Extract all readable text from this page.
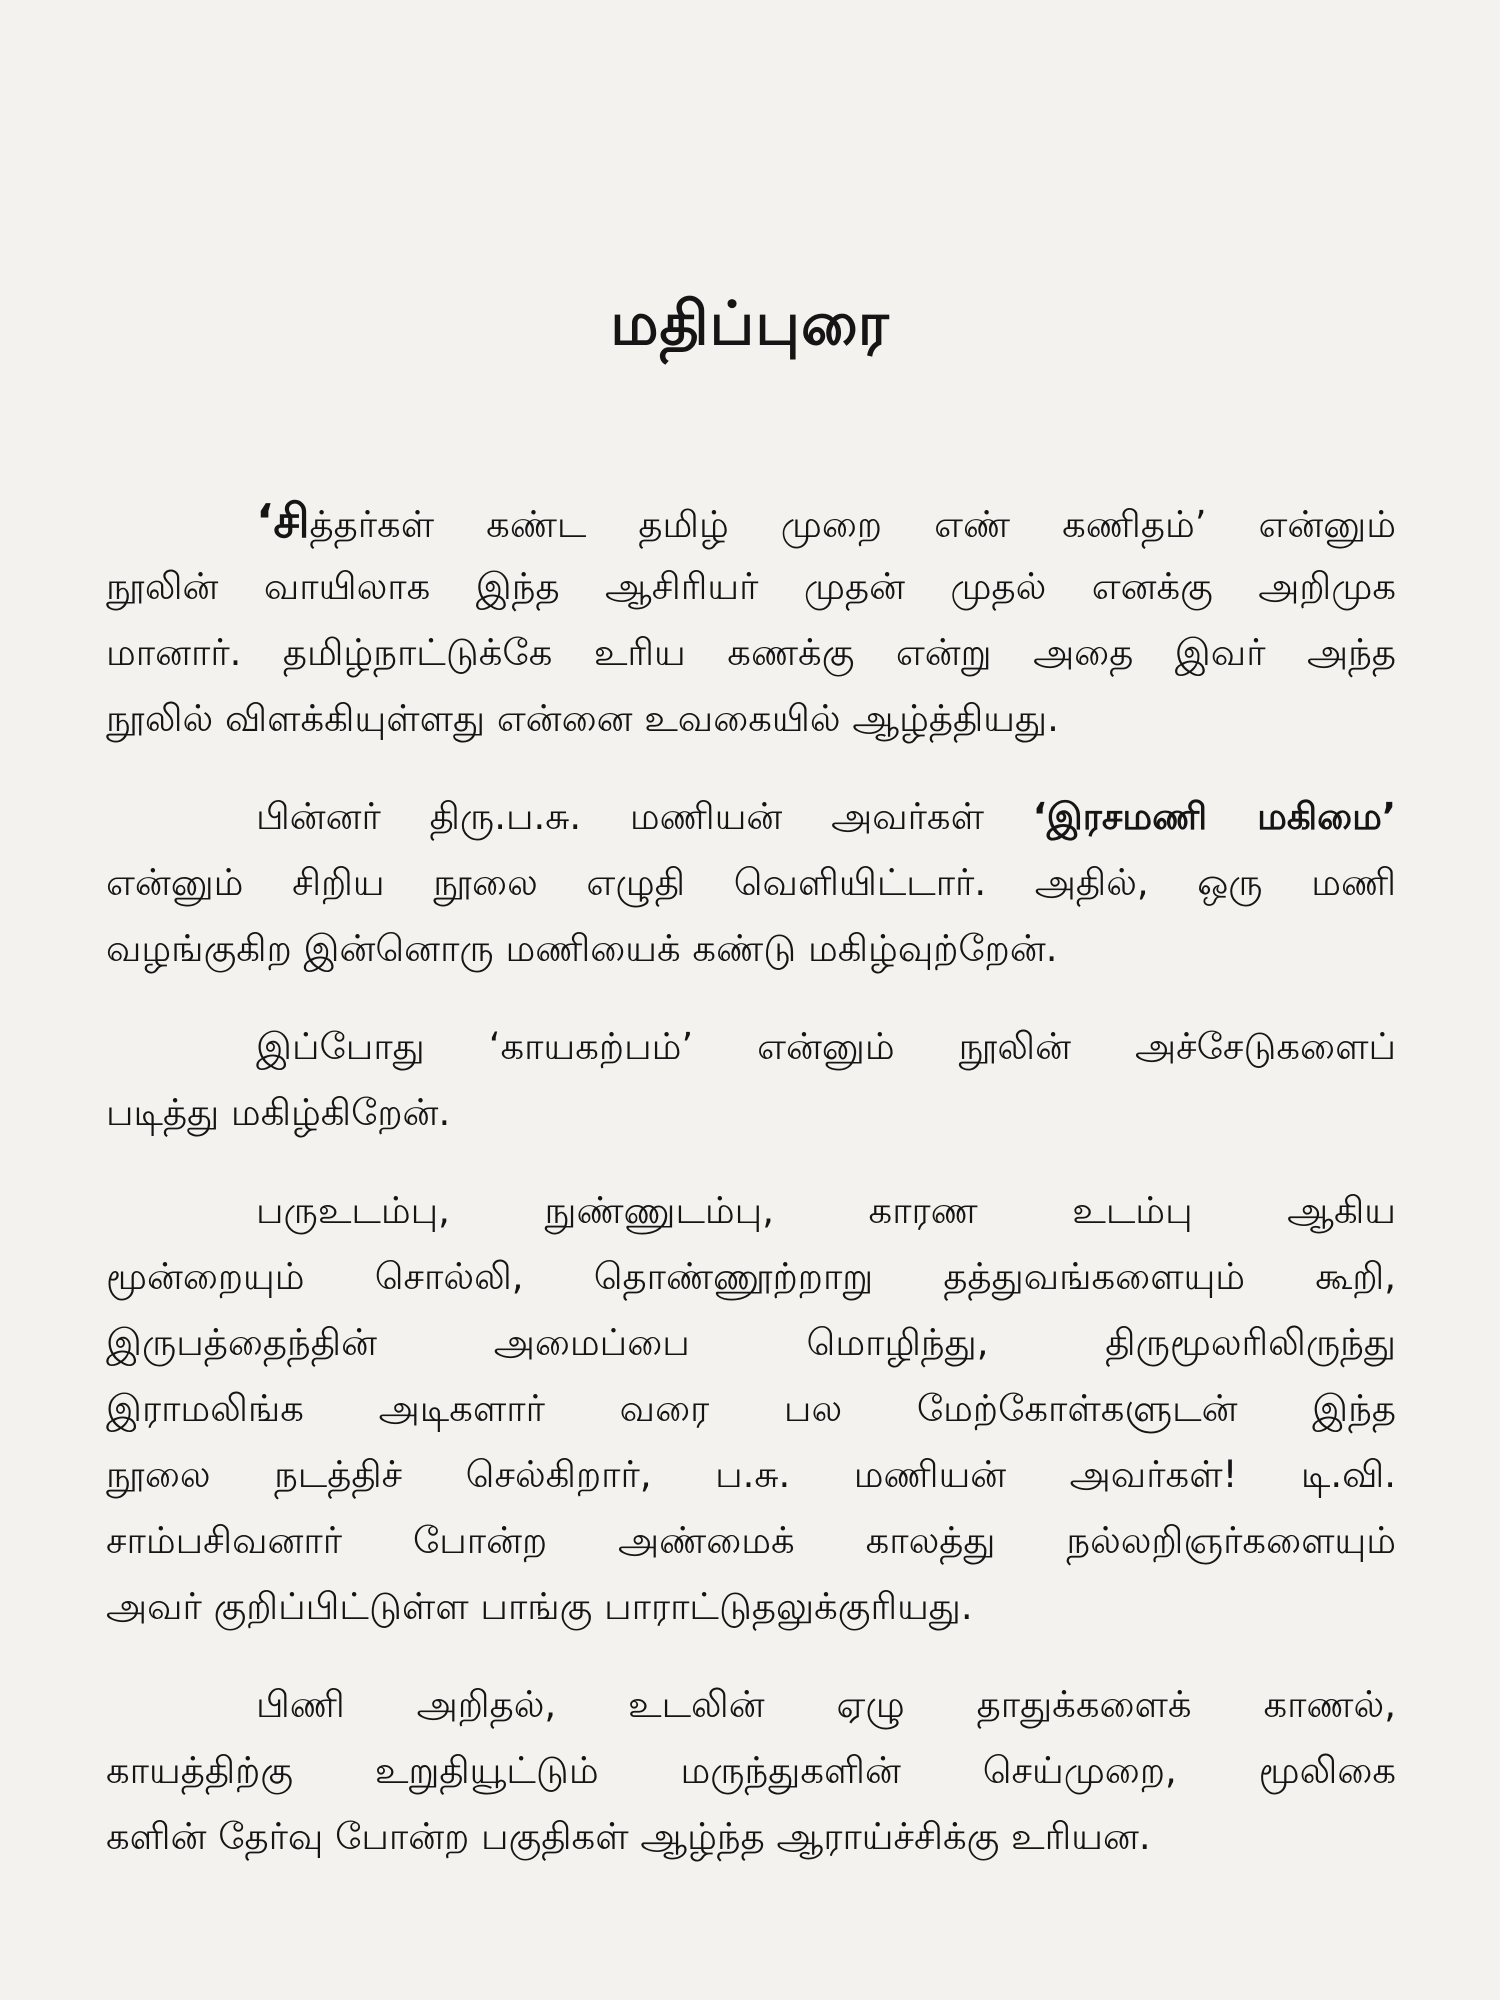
மதிப்புரை
‘சித்தர்கள் கண்ட தமிழ் முறை எண் கணிதம்’ என்னும்
நூலின் வாயிலாக இந்த ஆசிரியர் முதன் முதல் எனக்கு அறிமுக
மானார். தமிழ்நாட்டுக்கே உரிய கணக்கு என்று அதை இவர் அந்த
நூலில் விளக்கியுள்ளது என்னை உவகையில் ஆழ்த்தியது.
பின்னர் திரு.ப.சு. மணியன் அவர்கள் ‘இரசமணி மகிமை’
என்னும் சிறிய நூலை எழுதி வெளியிட்டார். அதில், ஒரு மணி
வழங்குகிற இன்னொரு மணியைக் கண்டு மகிழ்வுற்றேன்.
இப்போது ‘காயகற்பம்’ என்னும் நூலின் அச்சேடுகளைப்
படித்து மகிழ்கிறேன்.
பருஉடம்பு, நுண்ணுடம்பு, காரண உடம்பு ஆகிய
மூன்றையும் சொல்லி, தொண்ணூற்றாறு தத்துவங்களையும் கூறி,
இருபத்தைந்தின் அமைப்பை மொழிந்து, திருமூலரிலிருந்து
இராமலிங்க அடிகளார் வரை பல மேற்கோள்களுடன் இந்த
நூலை நடத்திச் செல்கிறார், ப.சு. மணியன் அவர்கள்! டி.வி.
சாம்பசிவனார் போன்ற அண்மைக் காலத்து நல்லறிஞர்களையும்
அவர் குறிப்பிட்டுள்ள பாங்கு பாராட்டுதலுக்குரியது.
பிணி அறிதல், உடலின் ஏழு தாதுக்களைக் காணல்,
காயத்திற்கு உறுதியூட்டும் மருந்துகளின் செய்முறை, மூலிகை
களின் தேர்வு போன்ற பகுதிகள் ஆழ்ந்த ஆராய்ச்சிக்கு உரியன.
